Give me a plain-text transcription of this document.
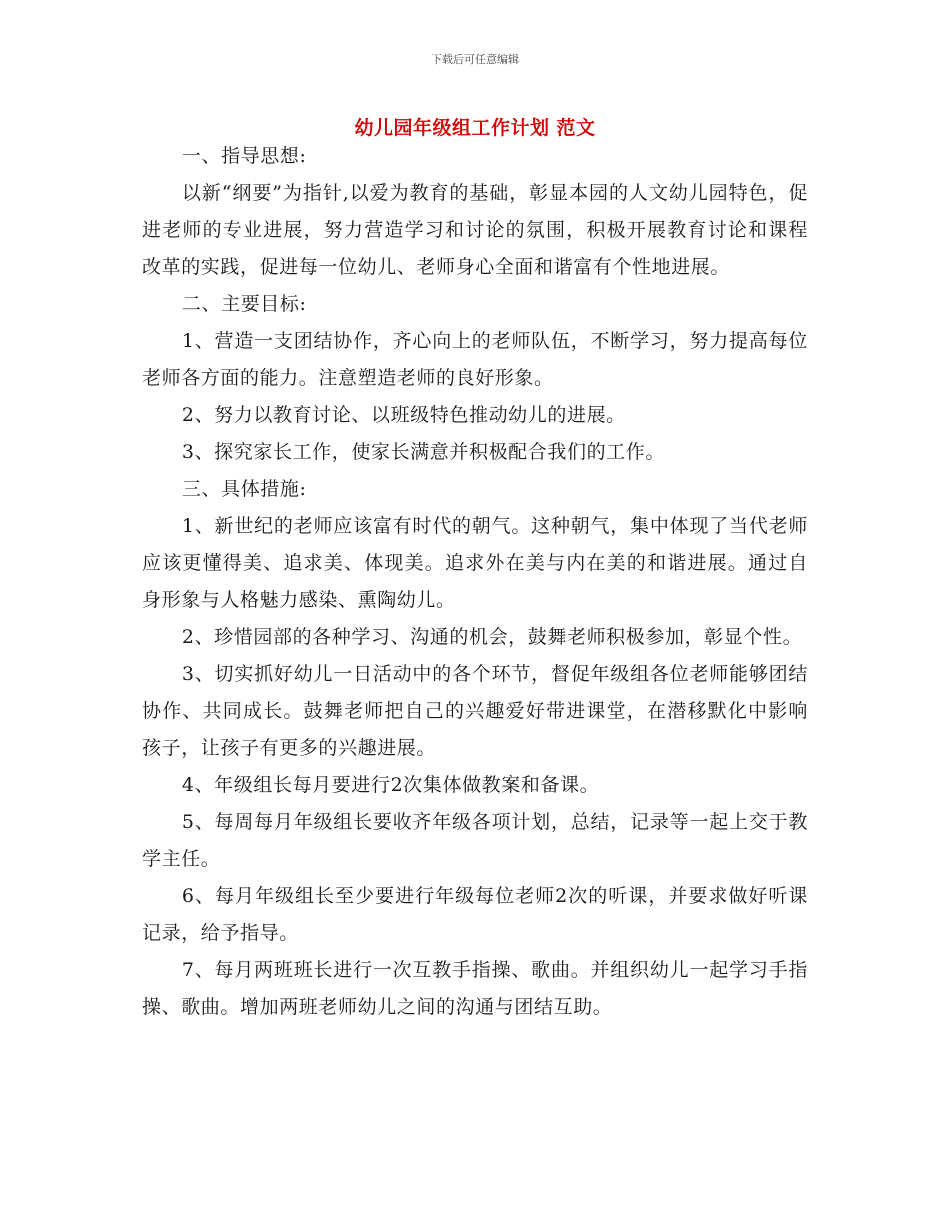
下载后可任意编辑
幼儿园年级组工作计划 范文

一、指导思想:

以新“纲要”为指针,以爱为教育的基础，彰显本园的人文幼儿园特色，促进老师的专业进展，努力营造学习和讨论的氛围，积极开展教育讨论和课程改革的实践，促进每一位幼儿、老师身心全面和谐富有个性地进展。

二、主要目标:

1、营造一支团结协作，齐心向上的老师队伍，不断学习，努力提高每位老师各方面的能力。注意塑造老师的良好形象。

2、努力以教育讨论、以班级特色推动幼儿的进展。

3、探究家长工作，使家长满意并积极配合我们的工作。

三、具体措施:

1、新世纪的老师应该富有时代的朝气。这种朝气，集中体现了当代老师应该更懂得美、追求美、体现美。追求外在美与内在美的和谐进展。通过自身形象与人格魅力感染、熏陶幼儿。

2、珍惜园部的各种学习、沟通的机会，鼓舞老师积极参加，彰显个性。

3、切实抓好幼儿一日活动中的各个环节，督促年级组各位老师能够团结协作、共同成长。鼓舞老师把自己的兴趣爱好带进课堂，在潜移默化中影响孩子，让孩子有更多的兴趣进展。

4、年级组长每月要进行2次集体做教案和备课。

5、每周每月年级组长要收齐年级各项计划，总结，记录等一起上交于教学主任。

6、每月年级组长至少要进行年级每位老师2次的听课，并要求做好听课记录，给予指导。

7、每月两班班长进行一次互教手指操、歌曲。并组织幼儿一起学习手指操、歌曲。增加两班老师幼儿之间的沟通与团结互助。
